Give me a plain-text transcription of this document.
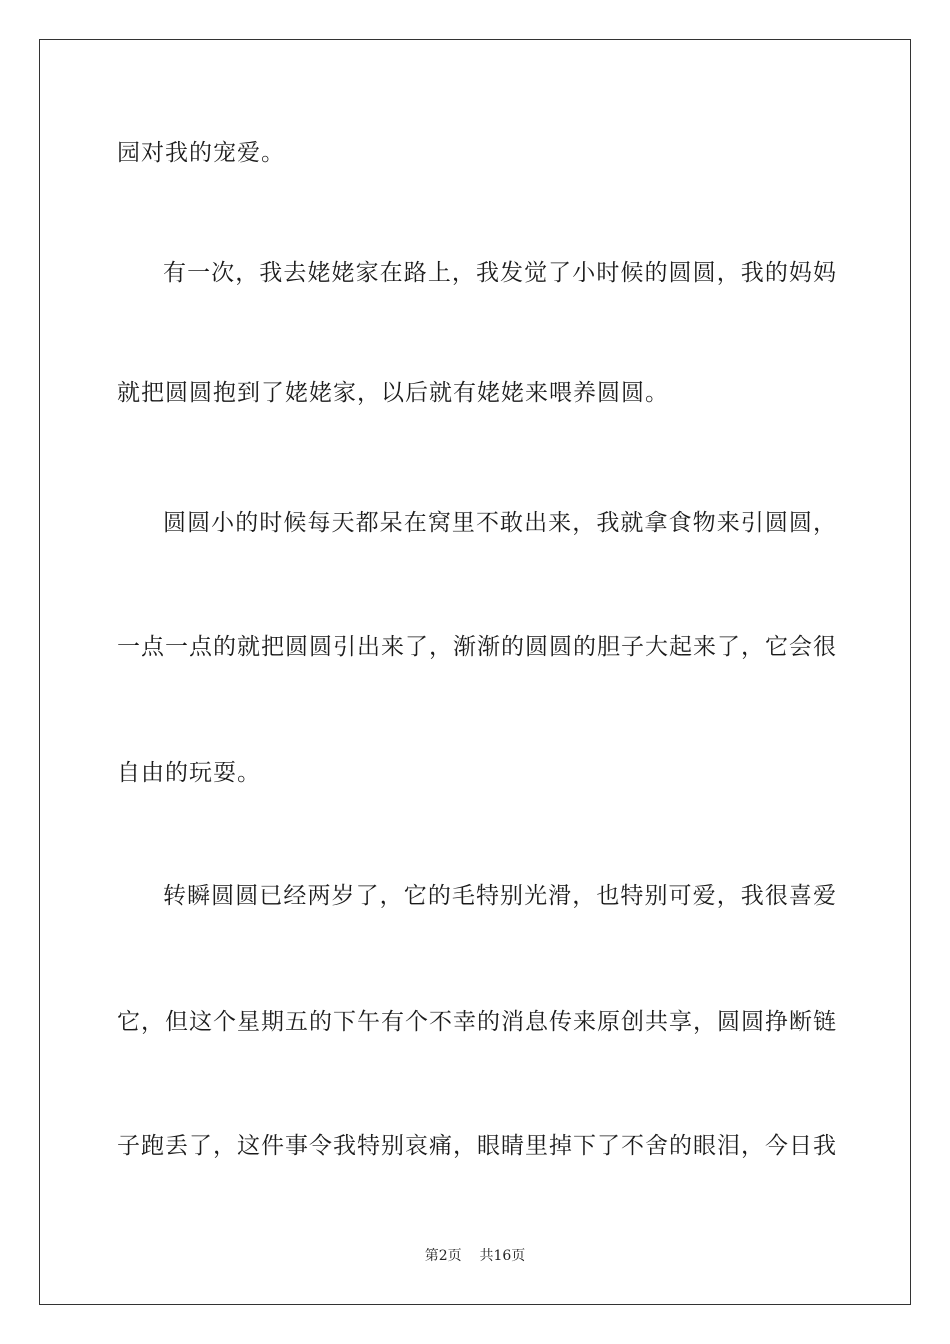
园对我的宠爱。
有一次，我去姥姥家在路上，我发觉了小时候的圆圆，我的妈妈
就把圆圆抱到了姥姥家，以后就有姥姥来喂养圆圆。
圆圆小的时候每天都呆在窝里不敢出来，我就拿食物来引圆圆，
一点一点的就把圆圆引出来了，渐渐的圆圆的胆子大起来了，它会很
自由的玩耍。
转瞬圆圆已经两岁了，它的毛特别光滑，也特别可爱，我很喜爱
它，但这个星期五的下午有个不幸的消息传来原创共享，圆圆挣断链
子跑丢了，这件事令我特别哀痛，眼睛里掉下了不舍的眼泪，今日我
第2页 共16页
